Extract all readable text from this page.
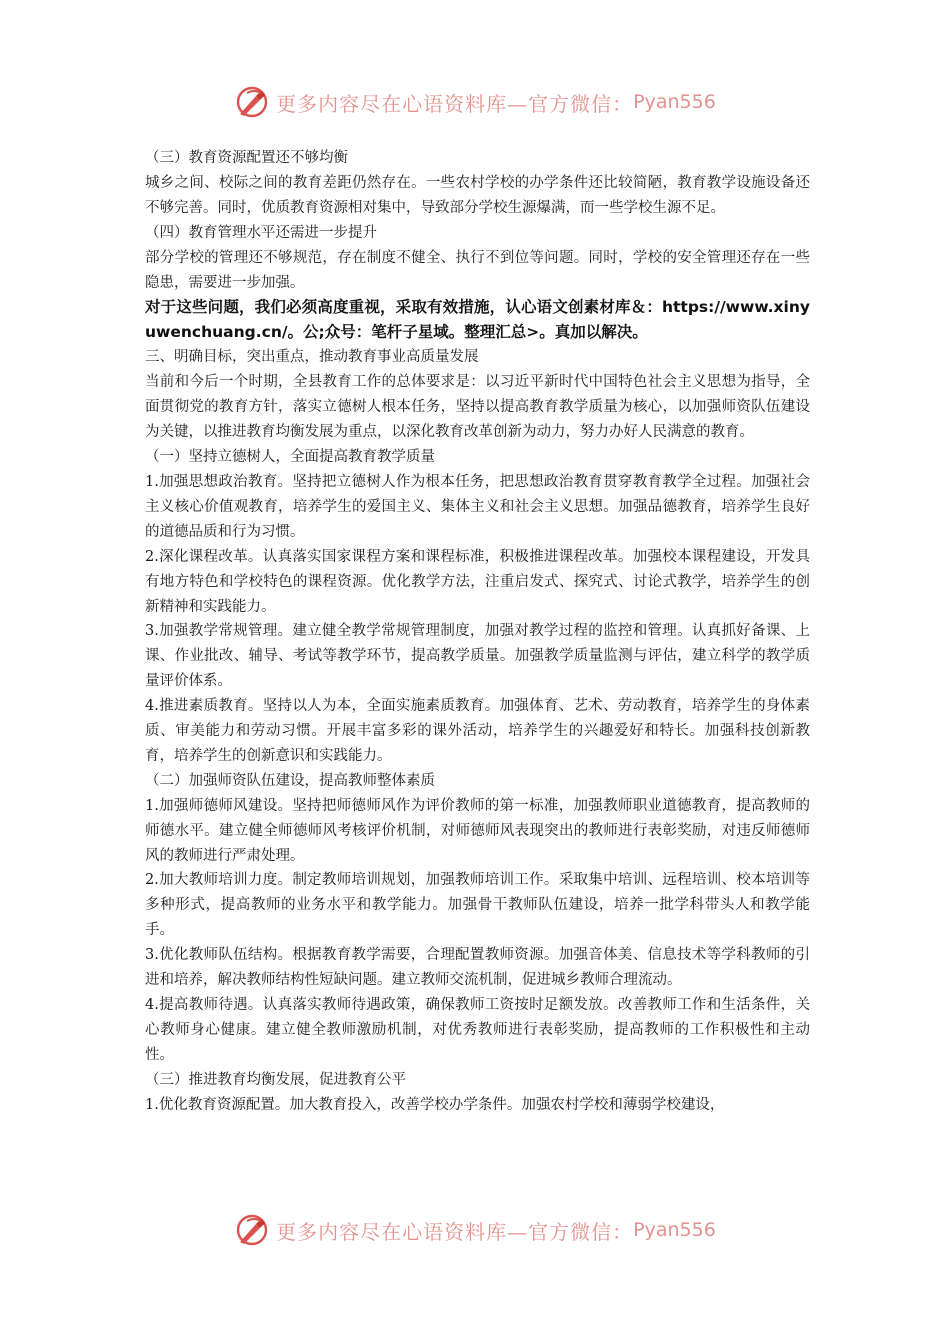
更多内容尽在心语资料库—官方微信： Pyan556

（三）教育资源配置还不够均衡

城乡之间、校际之间的教育差距仍然存在。一些农村学校的办学条件还比较简陋，教育教学设施设备还不够完善。同时，优质教育资源相对集中，导致部分学校生源爆满，而一些学校生源不足。

（四）教育管理水平还需进一步提升

部分学校的管理还不够规范，存在制度不健全、执行不到位等问题。同时，学校的安全管理还存在一些隐患，需要进一步加强。

对于这些问题，我们必须高度重视，采取有效措施，认心语文创素材库＆：https://www.xinyuwenchuang.cn/。公;众号：笔杆子星域。整理汇总>。真加以解决。

三、明确目标，突出重点，推动教育事业高质量发展

当前和今后一个时期，全县教育工作的总体要求是：以习近平新时代中国特色社会主义思想为指导，全面贯彻党的教育方针，落实立德树人根本任务，坚持以提高教育教学质量为核心，以加强师资队伍建设为关键，以推进教育均衡发展为重点，以深化教育改革创新为动力，努力办好人民满意的教育。

（一）坚持立德树人，全面提高教育教学质量

1.加强思想政治教育。坚持把立德树人作为根本任务，把思想政治教育贯穿教育教学全过程。加强社会主义核心价值观教育，培养学生的爱国主义、集体主义和社会主义思想。加强品德教育，培养学生良好的道德品质和行为习惯。

2.深化课程改革。认真落实国家课程方案和课程标准，积极推进课程改革。加强校本课程建设，开发具有地方特色和学校特色的课程资源。优化教学方法，注重启发式、探究式、讨论式教学，培养学生的创新精神和实践能力。

3.加强教学常规管理。建立健全教学常规管理制度，加强对教学过程的监控和管理。认真抓好备课、上课、作业批改、辅导、考试等教学环节，提高教学质量。加强教学质量监测与评估，建立科学的教学质量评价体系。

4.推进素质教育。坚持以人为本，全面实施素质教育。加强体育、艺术、劳动教育，培养学生的身体素质、审美能力和劳动习惯。开展丰富多彩的课外活动，培养学生的兴趣爱好和特长。加强科技创新教育，培养学生的创新意识和实践能力。

（二）加强师资队伍建设，提高教师整体素质

1.加强师德师风建设。坚持把师德师风作为评价教师的第一标准，加强教师职业道德教育，提高教师的师德水平。建立健全师德师风考核评价机制，对师德师风表现突出的教师进行表彰奖励，对违反师德师风的教师进行严肃处理。

2.加大教师培训力度。制定教师培训规划，加强教师培训工作。采取集中培训、远程培训、校本培训等多种形式，提高教师的业务水平和教学能力。加强骨干教师队伍建设，培养一批学科带头人和教学能手。

3.优化教师队伍结构。根据教育教学需要，合理配置教师资源。加强音体美、信息技术等学科教师的引进和培养，解决教师结构性短缺问题。建立教师交流机制，促进城乡教师合理流动。

4.提高教师待遇。认真落实教师待遇政策，确保教师工资按时足额发放。改善教师工作和生活条件，关心教师身心健康。建立健全教师激励机制，对优秀教师进行表彰奖励，提高教师的工作积极性和主动性。

（三）推进教育均衡发展，促进教育公平

1.优化教育资源配置。加大教育投入，改善学校办学条件。加强农村学校和薄弱学校建设，

更多内容尽在心语资料库—官方微信： Pyan556
